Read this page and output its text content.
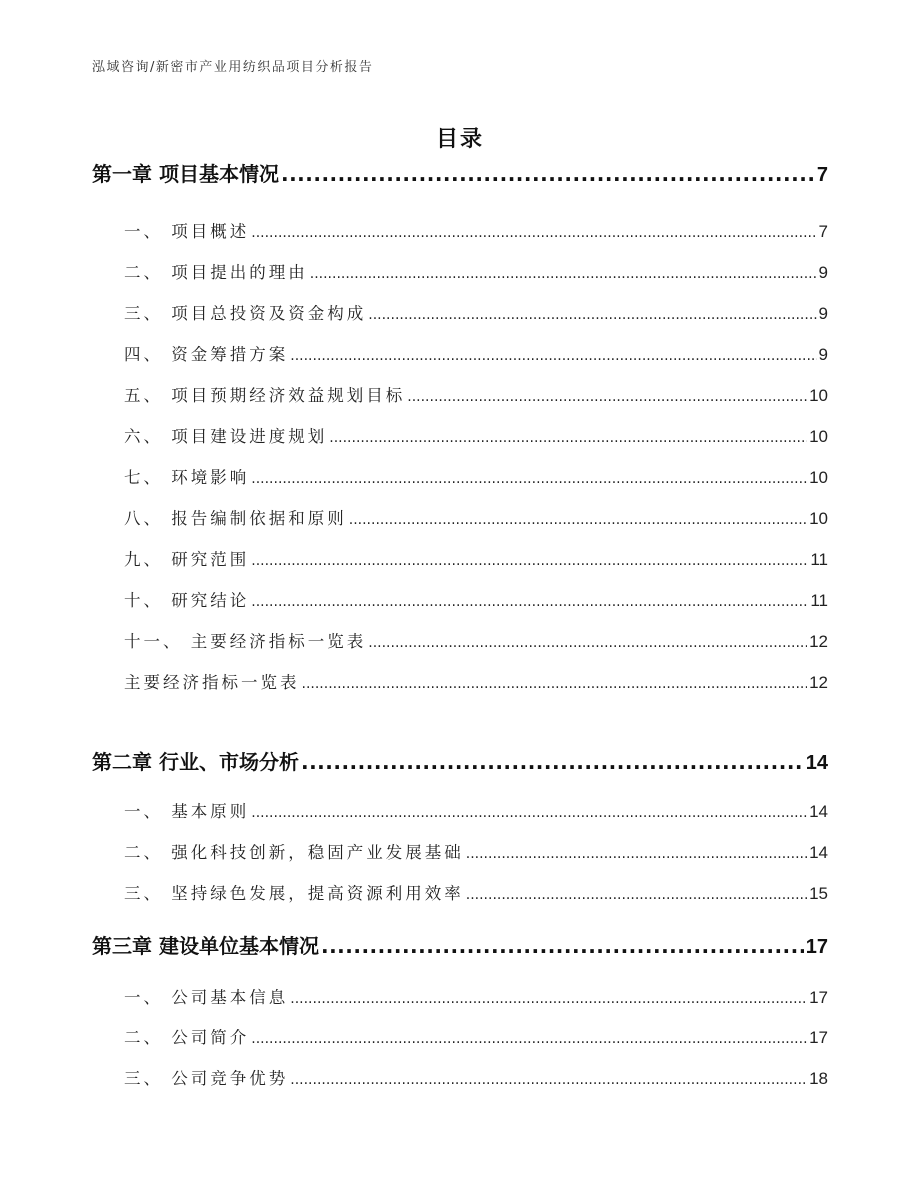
泓域咨询/新密市产业用纺织品项目分析报告
目录
第一章 项目基本情况 .....	7
一、 项目概述 .....	7
二、 项目提出的理由 .....	9
三、 项目总投资及资金构成 .....	9
四、 资金筹措方案 .....	9
五、 项目预期经济效益规划目标 .....	10
六、 项目建设进度规划 .....	10
七、 环境影响 .....	10
八、 报告编制依据和原则 .....	10
九、 研究范围 .....	11
十、 研究结论 .....	11
十一、 主要经济指标一览表 .....	12
主要经济指标一览表 .....	12
第二章 行业、市场分析 .....	14
一、 基本原则 .....	14
二、 强化科技创新，稳固产业发展基础 .....	14
三、 坚持绿色发展，提高资源利用效率 .....	15
第三章 建设单位基本情况 .....	17
一、 公司基本信息 .....	17
二、 公司简介 .....	17
三、 公司竞争优势 .....	18
